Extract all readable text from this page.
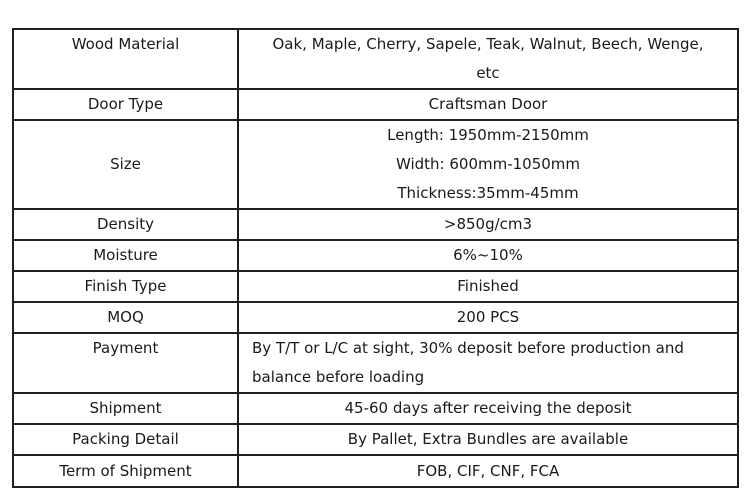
Wood Material	Oak, Maple, Cherry, Sapele, Teak, Walnut, Beech, Wenge,
etc

Door Type	Craftsman Door

Size	Length: 1950mm-2150mm
Width: 600mm-1050mm
Thickness:35mm-45mm

Density	>850g/cm3

Moisture	6%~10%

Finish Type	Finished

MOQ	200 PCS

Payment	By T/T or L/C at sight, 30% deposit before production and
balance before loading

Shipment	45-60 days after receiving the deposit

Packing Detail	By Pallet, Extra Bundles are available

Term of Shipment	FOB, CIF, CNF, FCA
